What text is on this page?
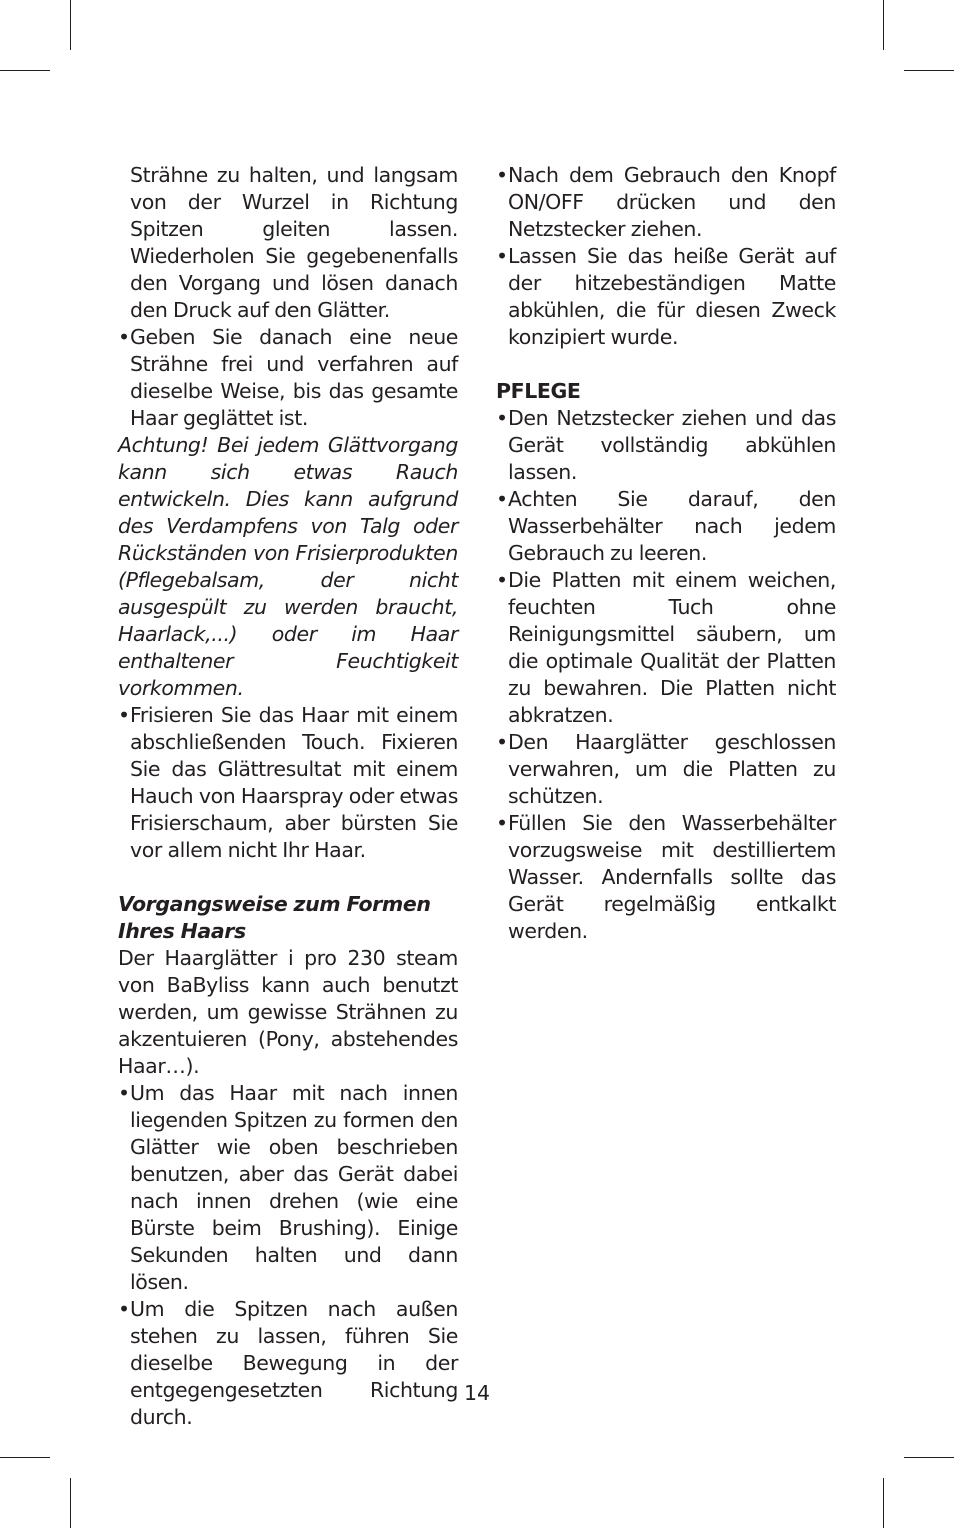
Strähne zu halten, und langsam von der Wurzel in Richtung Spitzen gleiten lassen. Wiederholen Sie gegebenenfalls den Vorgang und lösen danach den Druck auf den Glätter.

• Geben Sie danach eine neue Strähne frei und verfahren auf dieselbe Weise, bis das gesamte Haar geglättet ist.

Achtung! Bei jedem Glättvorgang kann sich etwas Rauch entwickeln. Dies kann aufgrund des Verdampfens von Talg oder Rückständen von Frisierprodukten (Pflegebalsam, der nicht ausgespült zu werden braucht, Haarlack,...) oder im Haar enthaltener Feuchtigkeit vorkommen.

• Frisieren Sie das Haar mit einem abschließenden Touch. Fixieren Sie das Glättresultat mit einem Hauch von Haarspray oder etwas Frisierschaum, aber bürsten Sie vor allem nicht Ihr Haar.

Vorgangsweise zum Formen Ihres Haars

Der Haarglätter i pro 230 steam von BaByliss kann auch benutzt werden, um gewisse Strähnen zu akzentuieren (Pony, abstehendes Haar…).

• Um das Haar mit nach innen liegenden Spitzen zu formen den Glätter wie oben beschrieben benutzen, aber das Gerät dabei nach innen drehen (wie eine Bürste beim Brushing). Einige Sekunden halten und dann lösen.
• Um die Spitzen nach außen stehen zu lassen, führen Sie dieselbe Bewegung in der entgegengesetzten Richtung durch.
• Nach dem Gebrauch den Knopf ON/OFF drücken und den Netzstecker ziehen.
• Lassen Sie das heiße Gerät auf der hitzebeständigen Matte abkühlen, die für diesen Zweck konzipiert wurde.

PFLEGE

• Den Netzstecker ziehen und das Gerät vollständig abkühlen lassen.
• Achten Sie darauf, den Wasserbehälter nach jedem Gebrauch zu leeren.
• Die Platten mit einem weichen, feuchten Tuch ohne Reinigungsmittel säubern, um die optimale Qualität der Platten zu bewahren. Die Platten nicht abkratzen.
• Den Haarglätter geschlossen verwahren, um die Platten zu schützen.
• Füllen Sie den Wasserbehälter vorzugsweise mit destilliertem Wasser. Andernfalls sollte das Gerät regelmäßig entkalkt werden.
14
